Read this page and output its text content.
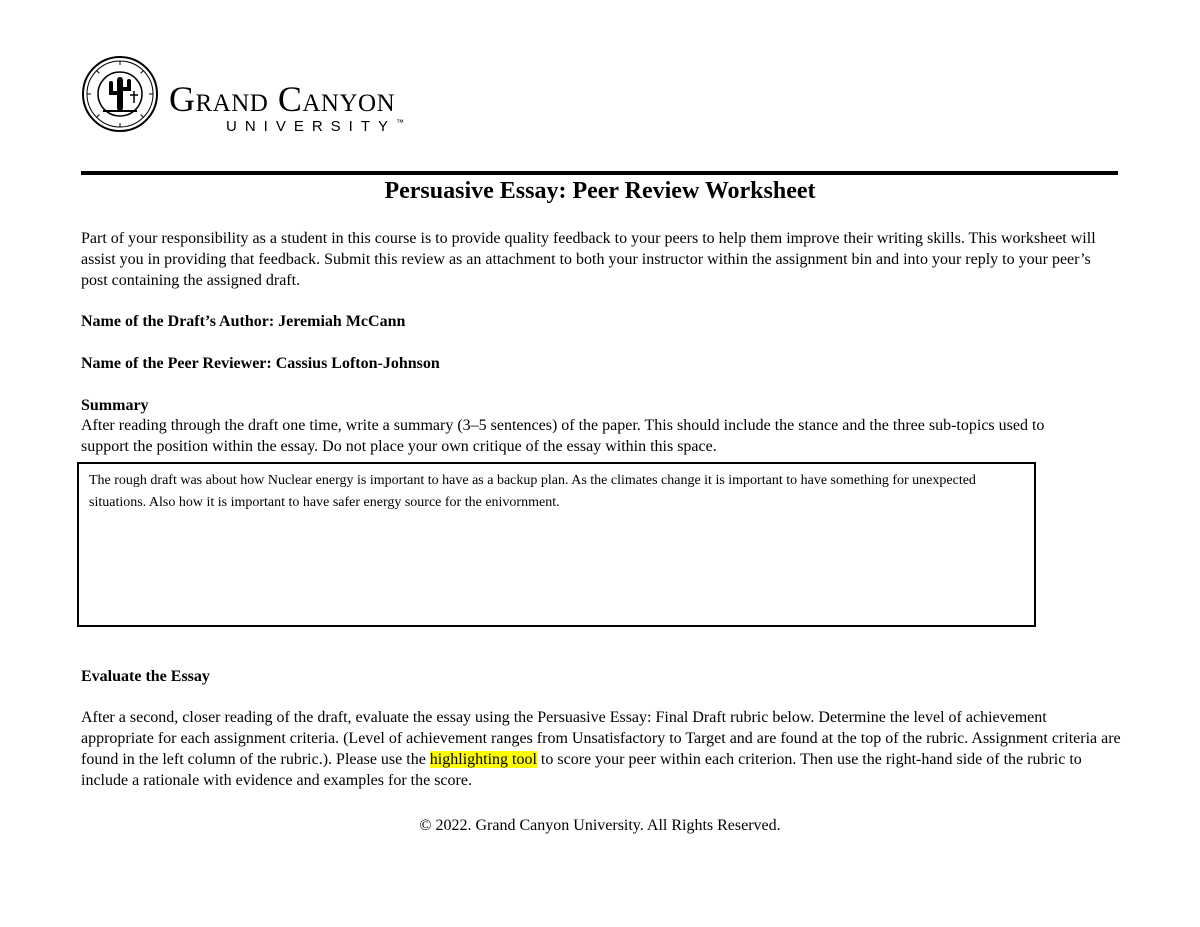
Grand Canyon
UNIVERSITY™
Persuasive Essay: Peer Review Worksheet
Part of your responsibility as a student in this course is to provide quality feedback to your peers to help them improve their writing skills. This worksheet will assist you in providing that feedback. Submit this review as an attachment to both your instructor within the assignment bin and into your reply to your peer’s post containing the assigned draft.
Name of the Draft’s Author: Jeremiah McCann
Name of the Peer Reviewer: Cassius Lofton-Johnson
Summary
After reading through the draft one time, write a summary (3–5 sentences) of the paper. This should include the stance and the three sub-topics used to support the position within the essay. Do not place your own critique of the essay within this space.
The rough draft was about how Nuclear energy is important to have as a backup plan. As the climates change it is important to have something for unexpected situations. Also how it is important to have safer energy source for the enivornment.
Evaluate the Essay
After a second, closer reading of the draft, evaluate the essay using the Persuasive Essay: Final Draft rubric below. Determine the level of achievement appropriate for each assignment criteria. (Level of achievement ranges from Unsatisfactory to Target and are found at the top of the rubric. Assignment criteria are found in the left column of the rubric.). Please use the highlighting tool to score your peer within each criterion. Then use the right-hand side of the rubric to include a rationale with evidence and examples for the score.
© 2022. Grand Canyon University. All Rights Reserved.
